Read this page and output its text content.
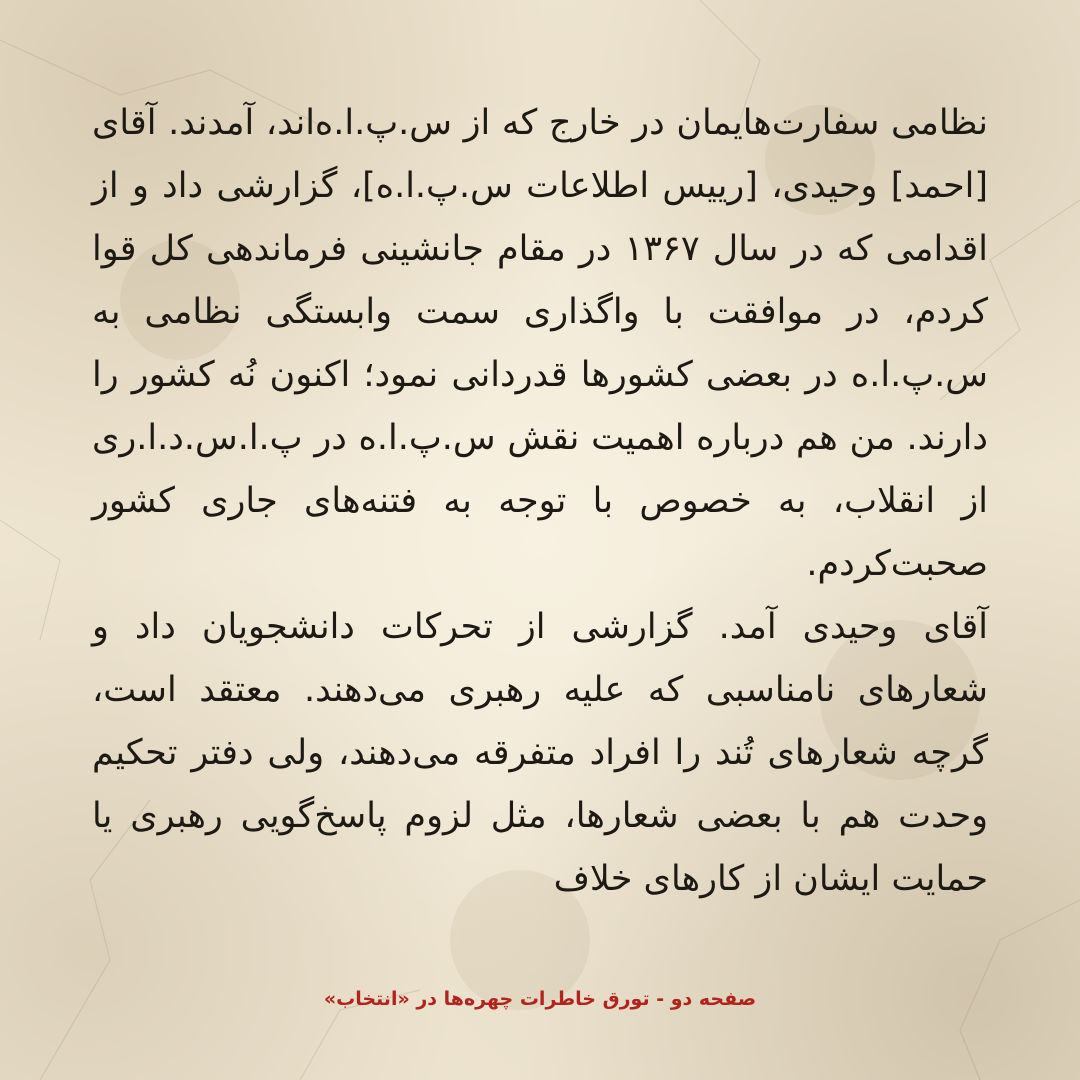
نظامی سفارت‌هایمان در خارج که از س.پ.ا.ه‌اند، آمدند. آقای [احمد] وحیدی، [رییس اطلاعات س.پ.ا.ه]، گزارشی داد و از اقدامی که در سال ۱۳۶۷ در مقام جانشینی فرماندهی کل قوا کردم، در موافقت با واگذاری سمت وابستگی نظامی به س.پ.ا.ه در بعضی کشورها قدردانی نمود؛ اکنون نُه کشور را دارند. من هم درباره اهمیت نقش س.پ.ا.ه در پ.ا.س.د.ا.ری از انقلاب، به خصوص با توجه به فتنه‌های جاری کشور صحبت‌کردم.

آقای وحیدی آمد. گزارشی از تحرکات دانشجویان داد و شعارهای نامناسبی که علیه رهبری می‌دهند. معتقد است، گرچه شعارهای تُند را افراد متفرقه می‌دهند، ولی دفتر تحکیم وحدت هم با بعضی شعارها، مثل لزوم پاسخ‌گویی رهبری یا حمایت ایشان از کارهای خلاف

صفحه دو - تورق خاطرات چهره‌ها در «انتخاب»
